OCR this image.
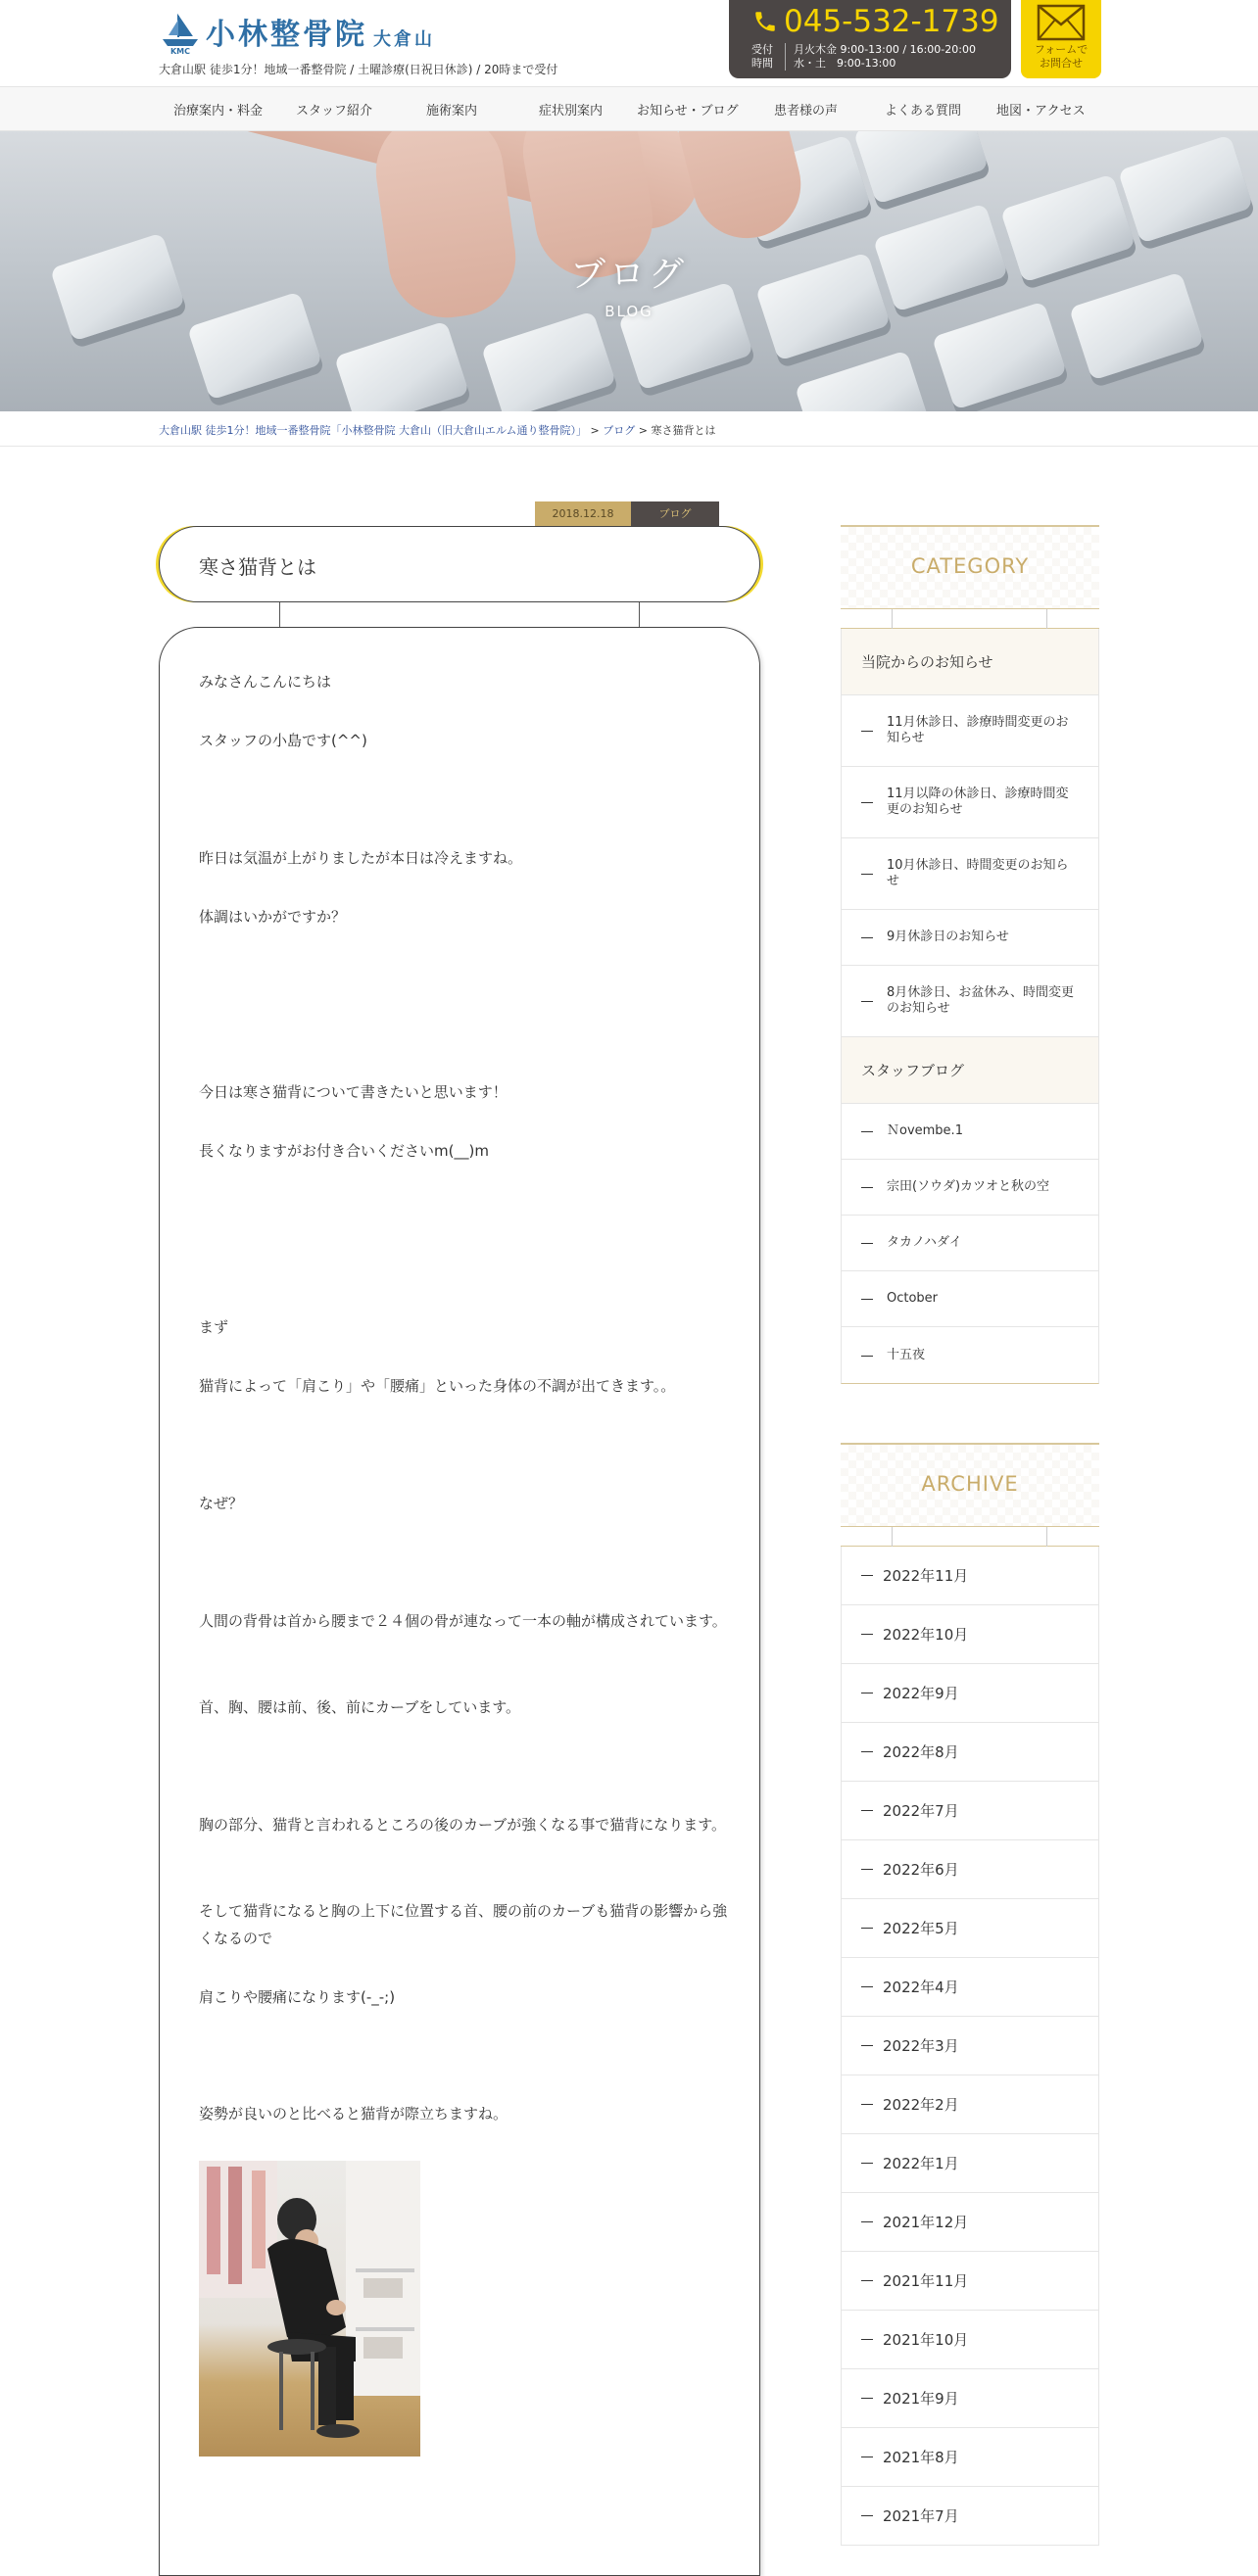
KMC 小林整骨院 大倉山
大倉山駅 徒歩1分！地域一番整骨院 / 土曜診療(日祝日休診) / 20時まで受付
045-532-1739
受付時間
月火木金 9:00-13:00 / 16:00-20:00
水・土　9:00-13:00
フォームで
お問合せ
治療案内・料金	スタッフ紹介	施術案内	症状別案内	お知らせ・ブログ	患者様の声	よくある質問	地図・アクセス
ブログ
BLOG
大倉山駅 徒歩1分！地域一番整骨院「小林整骨院 大倉山（旧大倉山エルム通り整骨院）」 > ブログ > 寒さ猫背とは
2018.12.18	ブログ
寒さ猫背とは

みなさんこんにちは

スタッフの小島です(^^)

昨日は気温が上がりましたが本日は冷えますね。

体調はいかがですか？

今日は寒さ猫背について書きたいと思います！

長くなりますがお付き合いくださいm(__)m

まず

猫背によって「肩こり」や「腰痛」といった身体の不調が出てきます。。

なぜ？

人間の背骨は首から腰まで２４個の骨が連なって一本の軸が構成されています。

首、胸、腰は前、後、前にカーブをしています。

胸の部分、猫背と言われるところの後のカーブが強くなる事で猫背になります。

そして猫背になると胸の上下に位置する首、腰の前のカーブも猫背の影響から強くなるので

肩こりや腰痛になります(-_-;)

姿勢が良いのと比べると猫背が際立ちますね。

CATEGORY
当院からのお知らせ
11月休診日、診療時間変更のお知らせ
11月以降の休診日、診療時間変更のお知らせ
10月休診日、時間変更のお知らせ
9月休診日のお知らせ
8月休診日、お盆休み、時間変更のお知らせ
スタッフブログ
Ｎovembe.1
宗田(ソウダ)カツオと秋の空
タカノハダイ
October
十五夜
ARCHIVE
2022年11月
2022年10月
2022年9月
2022年8月
2022年7月
2022年6月
2022年5月
2022年4月
2022年3月
2022年2月
2022年1月
2021年12月
2021年11月
2021年10月
2021年9月
2021年8月
2021年7月
